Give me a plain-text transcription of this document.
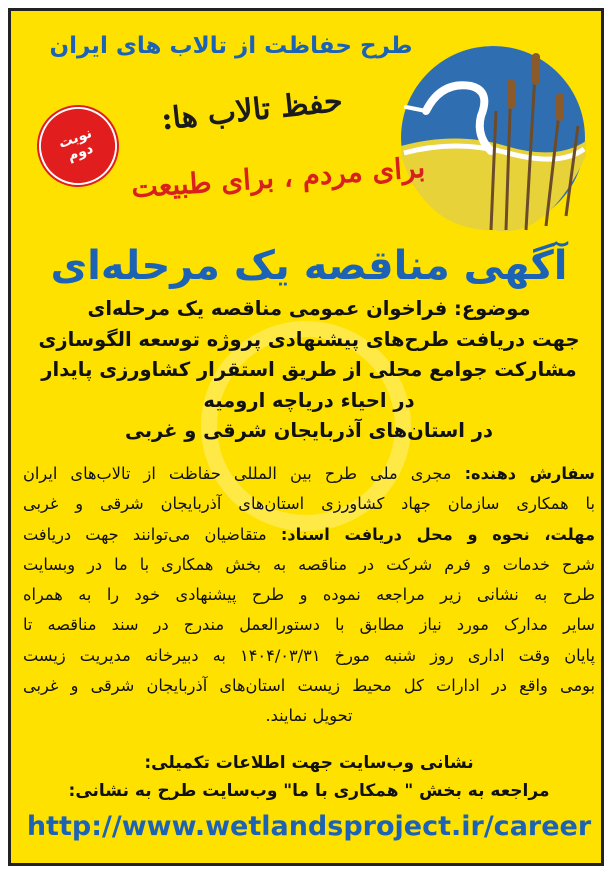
طرح حفاظت از تالاب های ایران
حفظ تالاب ها:
برای مردم ، برای طبیعت
نوبت دوم
آگهی مناقصه یک مرحله‌ای
موضوع: فراخوان عمومی مناقصه یک مرحله‌ای
جهت دریافت طرح‌های پیشنهادی پروژه توسعه الگوسازی
مشارکت جوامع محلی از طریق استقرار کشاورزی پایدار
در احیاء دریاچه ارومیه
در استان‌های آذربایجان شرقی و غربی
سفارش دهنده: مجری ملی طرح بین المللی حفاظت از تالاب‌های ایران
با همکاری سازمان جهاد کشاورزی استان‌های آذربایجان شرقی و غربی
مهلت، نحوه و محل دریافت اسناد: متقاضیان می‌توانند جهت دریافت
شرح خدمات و فرم شرکت در مناقصه به بخش همکاری با ما در وبسایت
طرح به نشانی زیر مراجعه نموده و طرح پیشنهادی خود را به همراه
سایر مدارک مورد نیاز مطابق با دستورالعمل مندرج در سند مناقصه تا
پایان وقت اداری روز شنبه مورخ ۱۴۰۴/۰۳/۳۱ به دبیرخانه مدیریت زیست
بومی واقع در ادارات کل محیط زیست استان‌های آذربایجان شرقی و غربی
تحویل نمایند.
نشانی وب‌سایت جهت اطلاعات تکمیلی:
مراجعه به بخش " همکاری با ما" وب‌سایت طرح به نشانی:
http://www.wetlandsproject.ir/career
